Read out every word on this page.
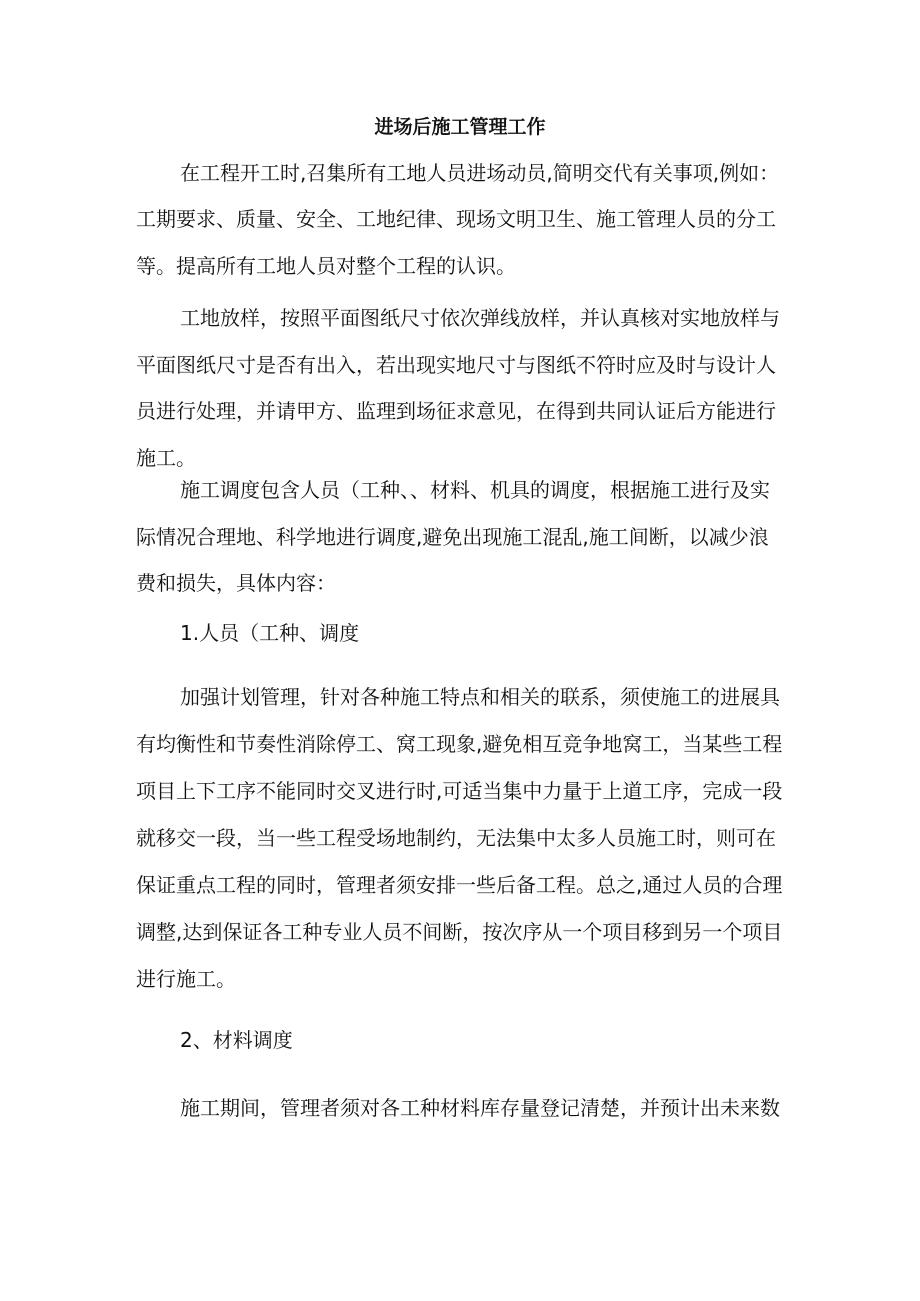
进场后施工管理工作
在工程开工时,召集所有工地人员进场动员,简明交代有关事项,例如：
工期要求、质量、安全、工地纪律、现场文明卫生、施工管理人员的分工
等。提高所有工地人员对整个工程的认识。
工地放样，按照平面图纸尺寸依次弹线放样，并认真核对实地放样与
平面图纸尺寸是否有出入，若出现实地尺寸与图纸不符时应及时与设计人
员进行处理，并请甲方、监理到场征求意见，在得到共同认证后方能进行
施工。
施工调度包含人员（工种、、材料、机具的调度，根据施工进行及实
际情况合理地、科学地进行调度,避免出现施工混乱,施工间断，以减少浪
费和损失，具体内容：
1.人员（工种、调度
加强计划管理，针对各种施工特点和相关的联系，须使施工的进展具
有均衡性和节奏性消除停工、窝工现象,避免相互竞争地窝工，当某些工程
项目上下工序不能同时交叉进行时,可适当集中力量于上道工序，完成一段
就移交一段，当一些工程受场地制约，无法集中太多人员施工时，则可在
保证重点工程的同时，管理者须安排一些后备工程。总之,通过人员的合理
调整,达到保证各工种专业人员不间断，按次序从一个项目移到另一个项目
进行施工。
2、材料调度
施工期间，管理者须对各工种材料库存量登记清楚，并预计出未来数
